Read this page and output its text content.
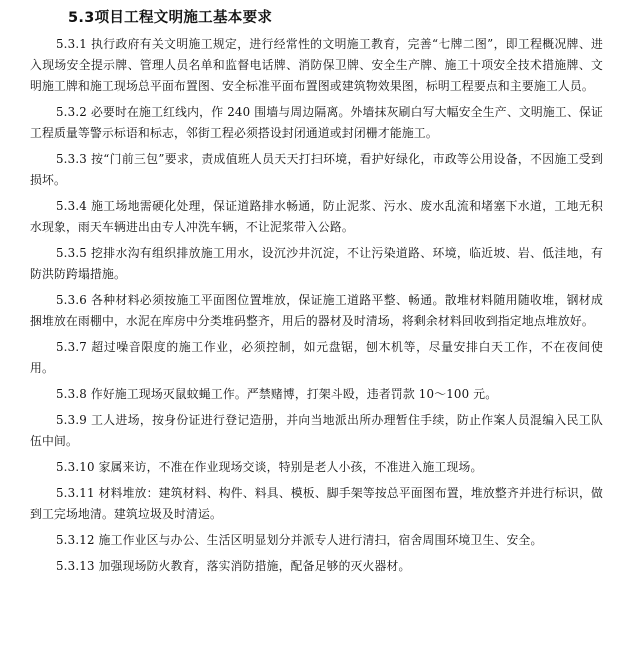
5.3项目工程文明施工基本要求

5.3.1 执行政府有关文明施工规定，进行经常性的文明施工教育，完善“七牌二图”，即工程概况牌、进入现场安全提示牌、管理人员名单和监督电话牌、消防保卫牌、安全生产牌、施工十项安全技术措施牌、文明施工牌和施工现场总平面布置图、安全标准平面布置图或建筑物效果图，标明工程要点和主要施工人员。

5.3.2 必要时在施工红线内，作 240 围墙与周边隔离。外墙抹灰刷白写大幅安全生产、文明施工、保证工程质量等警示标语和标志，邻街工程必须搭设封闭通道或封闭栅才能施工。

5.3.3 按“门前三包”要求，责成值班人员天天打扫环境，看护好绿化，市政等公用设备，不因施工受到损坏。

5.3.4 施工场地需硬化处理，保证道路排水畅通，防止泥浆、污水、废水乱流和堵塞下水道，工地无积水现象，雨天车辆进出由专人冲洗车辆，不让泥浆带入公路。

5.3.5 挖排水沟有组织排放施工用水，设沉沙井沉淀，不让污染道路、环境，临近坡、岩、低洼地，有防洪防跨塌措施。

5.3.6 各种材料必须按施工平面图位置堆放，保证施工道路平整、畅通。散堆材料随用随收堆，钢材成捆堆放在雨棚中，水泥在库房中分类堆码整齐，用后的器材及时清场，将剩余材料回收到指定地点堆放好。

5.3.7 超过噪音限度的施工作业，必须控制，如元盘锯，刨木机等，尽量安排白天工作，不在夜间使用。

5.3.8 作好施工现场灭鼠蚊蝇工作。严禁赌博，打架斗殴，违者罚款 10～100 元。

5.3.9 工人进场，按身份证进行登记造册，并向当地派出所办理暂住手续，防止作案人员混编入民工队伍中间。

5.3.10 家属来访，不准在作业现场交谈，特别是老人小孩，不准进入施工现场。

5.3.11 材料堆放：建筑材料、构件、料具、模板、脚手架等按总平面图布置，堆放整齐并进行标识，做到工完场地清。建筑垃圾及时清运。

5.3.12 施工作业区与办公、生活区明显划分并派专人进行清扫，宿舍周围环境卫生、安全。

5.3.13 加强现场防火教育，落实消防措施，配备足够的灭火器材。
